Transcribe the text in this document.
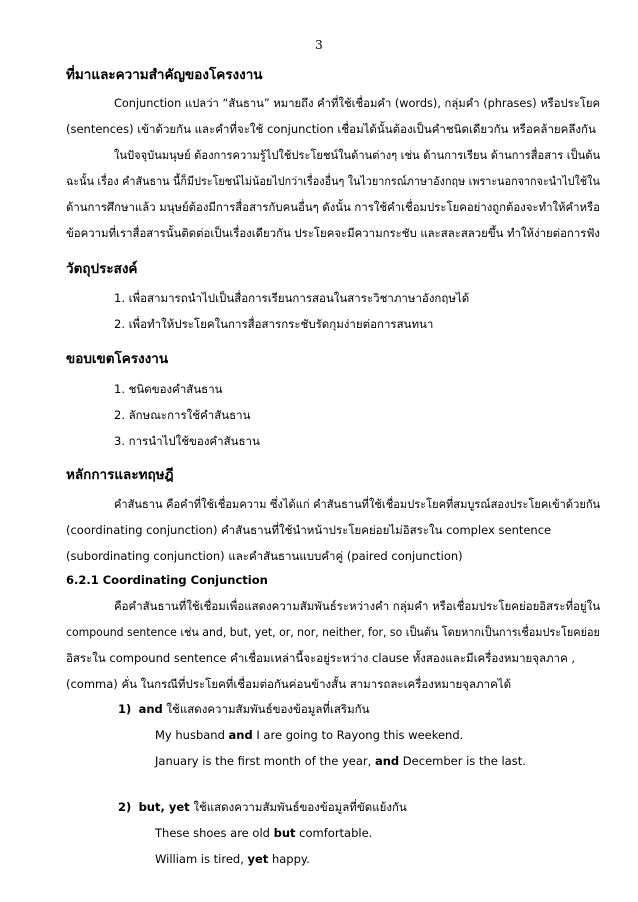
3
ที่มาและความสำคัญของโครงงาน
Conjunction แปลว่า “สันธาน” หมายถึง คำที่ใช้เชื่อมคำ (words), กลุ่มคำ (phrases) หรือประโยค
(sentences) เข้าด้วยกัน และคำที่จะใช้ conjunction เชื่อมได้นั้นต้องเป็นคำชนิดเดียวกัน หรือคล้ายคลึงกัน
ในปัจจุบันมนุษย์ ต้องการความรู้ไปใช้ประโยชน์ในด้านต่างๆ เช่น ด้านการเรียน ด้านการสื่อสาร เป็นต้น
ฉะนั้น เรื่อง คำสันธาน นี้ก็มีประโยชน์ไม่น้อยไปกว่าเรื่องอื่นๆ ในไวยากรณ์ภาษาอังกฤษ เพราะนอกจากจะนำไปใช้ใน
ด้านการศึกษาแล้ว มนุษย์ต้องมีการสื่อสารกับคนอื่นๆ ดังนั้น การใช้คำเชื่อมประโยคอย่างถูกต้องจะทำให้คำหรือ
ข้อความที่เราสื่อสารนั้นติดต่อเป็นเรื่องเดียวกัน ประโยคจะมีความกระชับ และสละสลวยขึ้น ทำให้ง่ายต่อการฟัง
วัตถุประสงค์
1. เพื่อสามารถนำไปเป็นสื่อการเรียนการสอนในสาระวิชาภาษาอังกฤษได้
2. เพื่อทำให้ประโยคในการสื่อสารกระชับรัดกุมง่ายต่อการสนทนา
ขอบเขตโครงงาน
1. ชนิดของคำสันธาน
2. ลักษณะการใช้คำสันธาน
3. การนำไปใช้ของคำสันธาน
หลักการและทฤษฎี
คำสันธาน คือคำที่ใช้เชื่อมความ ซึ่งได้แก่ คำสันธานที่ใช้เชื่อมประโยคที่สมบูรณ์สองประโยคเข้าด้วยกัน
(coordinating conjunction) คำสันธานที่ใช้นำหน้าประโยคย่อยไม่อิสระใน complex sentence
(subordinating conjunction) และคำสันธานแบบคำคู่ (paired conjunction)
6.2.1 Coordinating Conjunction
คือคำสันธานที่ใช้เชื่อมเพื่อแสดงความสัมพันธ์ระหว่างคำ กลุ่มคำ หรือเชื่อมประโยคย่อยอิสระที่อยู่ใน
compound sentence เช่น and, but, yet, or, nor, neither, for, so เป็นต้น โดยหากเป็นการเชื่อมประโยคย่อย
อิสระใน compound sentence คำเชื่อมเหล่านี้จะอยู่ระหว่าง clause ทั้งสองและมีเครื่องหมายจุลภาค ,
(comma) คั่น ในกรณีที่ประโยคที่เชื่อมต่อกันค่อนข้างสั้น สามารถละเครื่องหมายจุลภาคได้
1) and ใช้แสดงความสัมพันธ์ของข้อมูลที่เสริมกัน
My husband and I are going to Rayong this weekend.
January is the first month of the year, and December is the last.
2) but, yet ใช้แสดงความสัมพันธ์ของข้อมูลที่ขัดแย้งกัน
These shoes are old but comfortable.
William is tired, yet happy.
